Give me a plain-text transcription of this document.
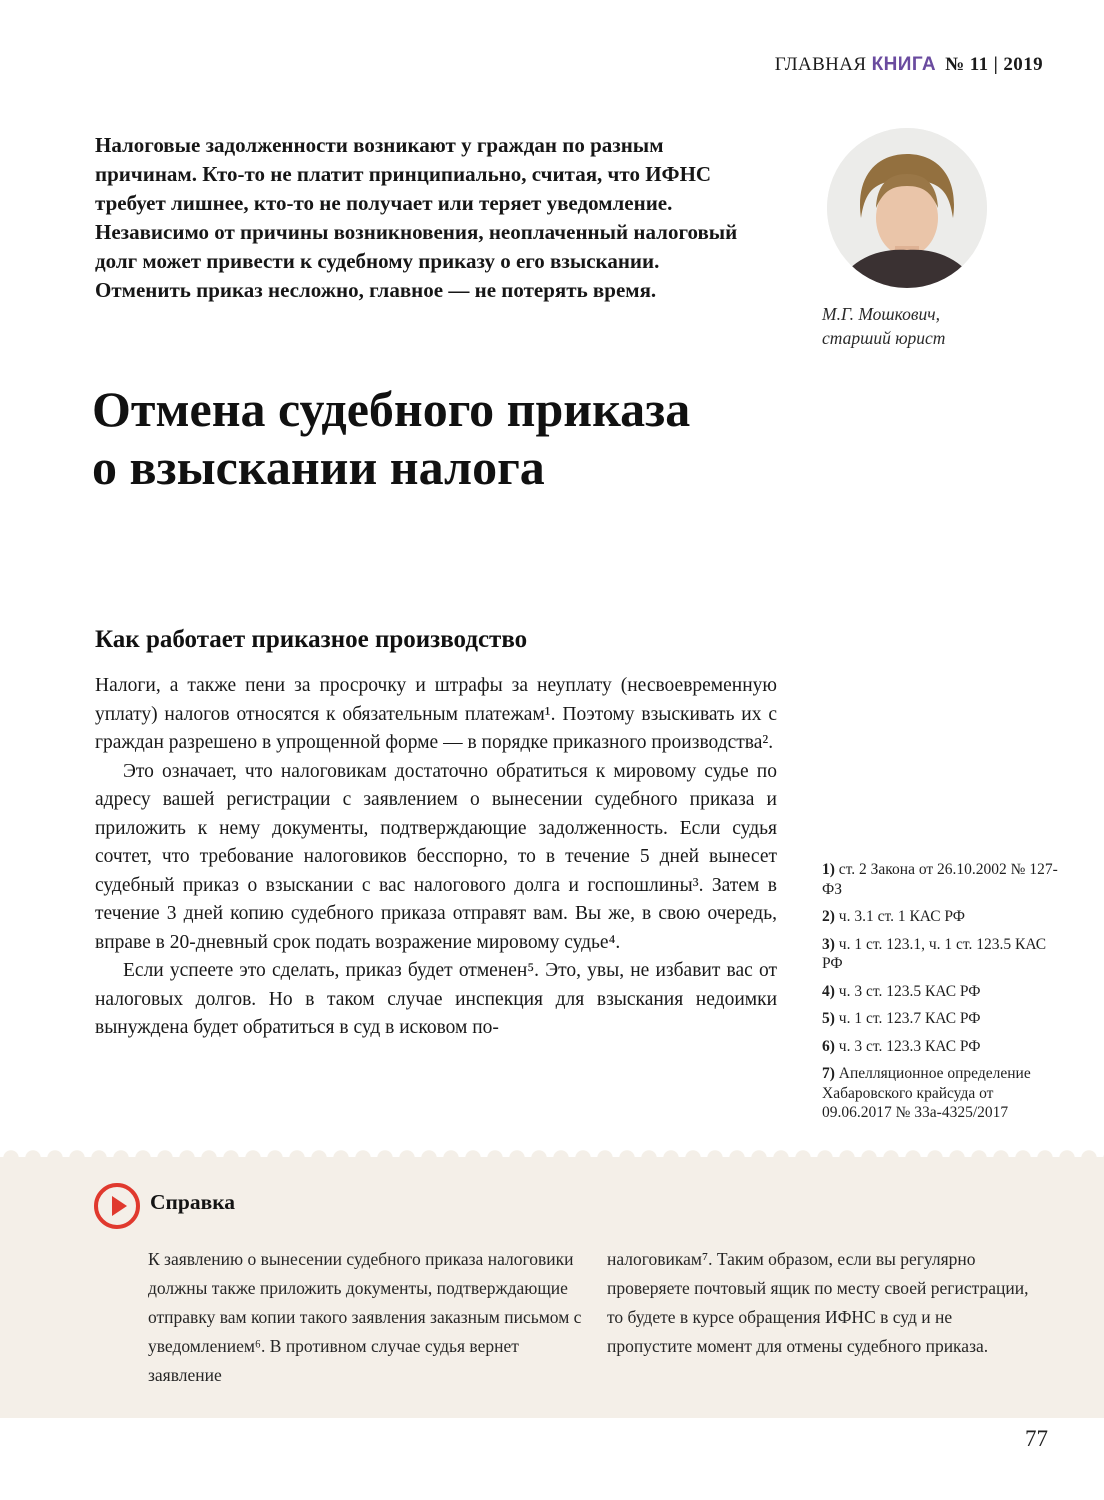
ГЛАВНАЯ КНИГА № 11 | 2019
Налоговые задолженности возникают у граждан по разным причинам. Кто-то не платит принципиально, считая, что ИФНС требует лишнее, кто-то не получает или теряет уведомление. Независимо от причины возникновения, неоплаченный налоговый долг может привести к судебному приказу о его взыскании. Отменить приказ несложно, главное — не потерять время.
М.Г. Мошкович,
старший юрист
Отмена судебного приказа о взыскании налога
Как работает приказное производство

Налоги, а также пени за просрочку и штрафы за неуплату (несвоевременную уплату) налогов относятся к обязательным платежам¹. Поэтому взыскивать их с граждан разрешено в упрощенной форме — в порядке приказного производства².

Это означает, что налоговикам достаточно обратиться к мировому судье по адресу вашей регистрации с заявлением о вынесении судебного приказа и приложить к нему документы, подтверждающие задолженность. Если судья сочтет, что требование налоговиков бесспорно, то в течение 5 дней вынесет судебный приказ о взыскании с вас налогового долга и госпошлины³. Затем в течение 3 дней копию судебного приказа отправят вам. Вы же, в свою очередь, вправе в 20-дневный срок подать возражение мировому судье⁴.

Если успеете это сделать, приказ будет отменен⁵. Это, увы, не избавит вас от налоговых долгов. Но в таком случае инспекция для взыскания недоимки вынуждена будет обратиться в суд в исковом по-

1) ст. 2 Закона от 26.10.2002 № 127-ФЗ
2) ч. 3.1 ст. 1 КАС РФ
3) ч. 1 ст. 123.1, ч. 1 ст. 123.5 КАС РФ
4) ч. 3 ст. 123.5 КАС РФ
5) ч. 1 ст. 123.7 КАС РФ
6) ч. 3 ст. 123.3 КАС РФ
7) Апелляционное определение Хабаровского крайсуда от 09.06.2017 № 33а-4325/2017
Справка
К заявлению о вынесении судебного приказа налоговики должны также приложить документы, подтверждающие отправку вам копии такого заявления заказным письмом с уведомлением⁶. В противном случае судья вернет заявление
налоговикам⁷. Таким образом, если вы регулярно проверяете почтовый ящик по месту своей регистрации, то будете в курсе обращения ИФНС в суд и не пропустите момент для отмены судебного приказа.
77
